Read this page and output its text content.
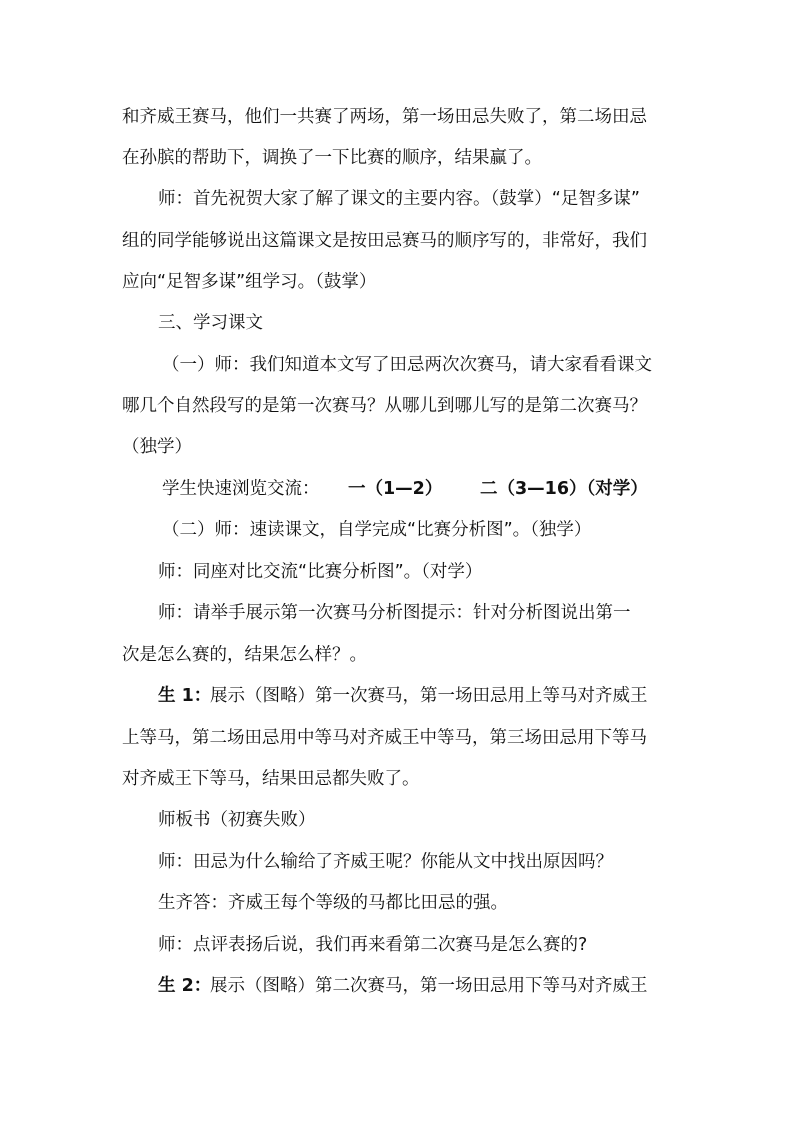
和齐威王赛马，他们一共赛了两场，第一场田忌失败了，第二场田忌
在孙膑的帮助下，调换了一下比赛的顺序，结果赢了。
师：首先祝贺大家了解了课文的主要内容。（鼓掌）“足智多谋”
组的同学能够说出这篇课文是按田忌赛马的顺序写的，非常好，我们
应向“足智多谋”组学习。（鼓掌）
三、学习课文
（一）师：我们知道本文写了田忌两次次赛马，请大家看看课文
哪几个自然段写的是第一次赛马？从哪儿到哪儿写的是第二次赛马？
（独学）
学生快速浏览交流： 一（1—2） 二（3—16）（对学）
（二）师：速读课文，自学完成“比赛分析图”。（独学）
师：同座对比交流“比赛分析图”。（对学）
师：请举手展示第一次赛马分析图提示：针对分析图说出第一
次是怎么赛的，结果怎么样？。
生 1：
展示（图略）第一次赛马，第一场田忌用上等马对齐威王
上等马，第二场田忌用中等马对齐威王中等马，第三场田忌用下等马
对齐威王下等马，结果田忌都失败了。
师板书（初赛失败）
师：田忌为什么输给了齐威王呢？你能从文中找出原因吗？
生齐答：齐威王每个等级的马都比田忌的强。
师：点评表扬后说，我们再来看第二次赛马是怎么赛的?
生 2：
展示（图略）第二次赛马，第一场田忌用下等马对齐威王
